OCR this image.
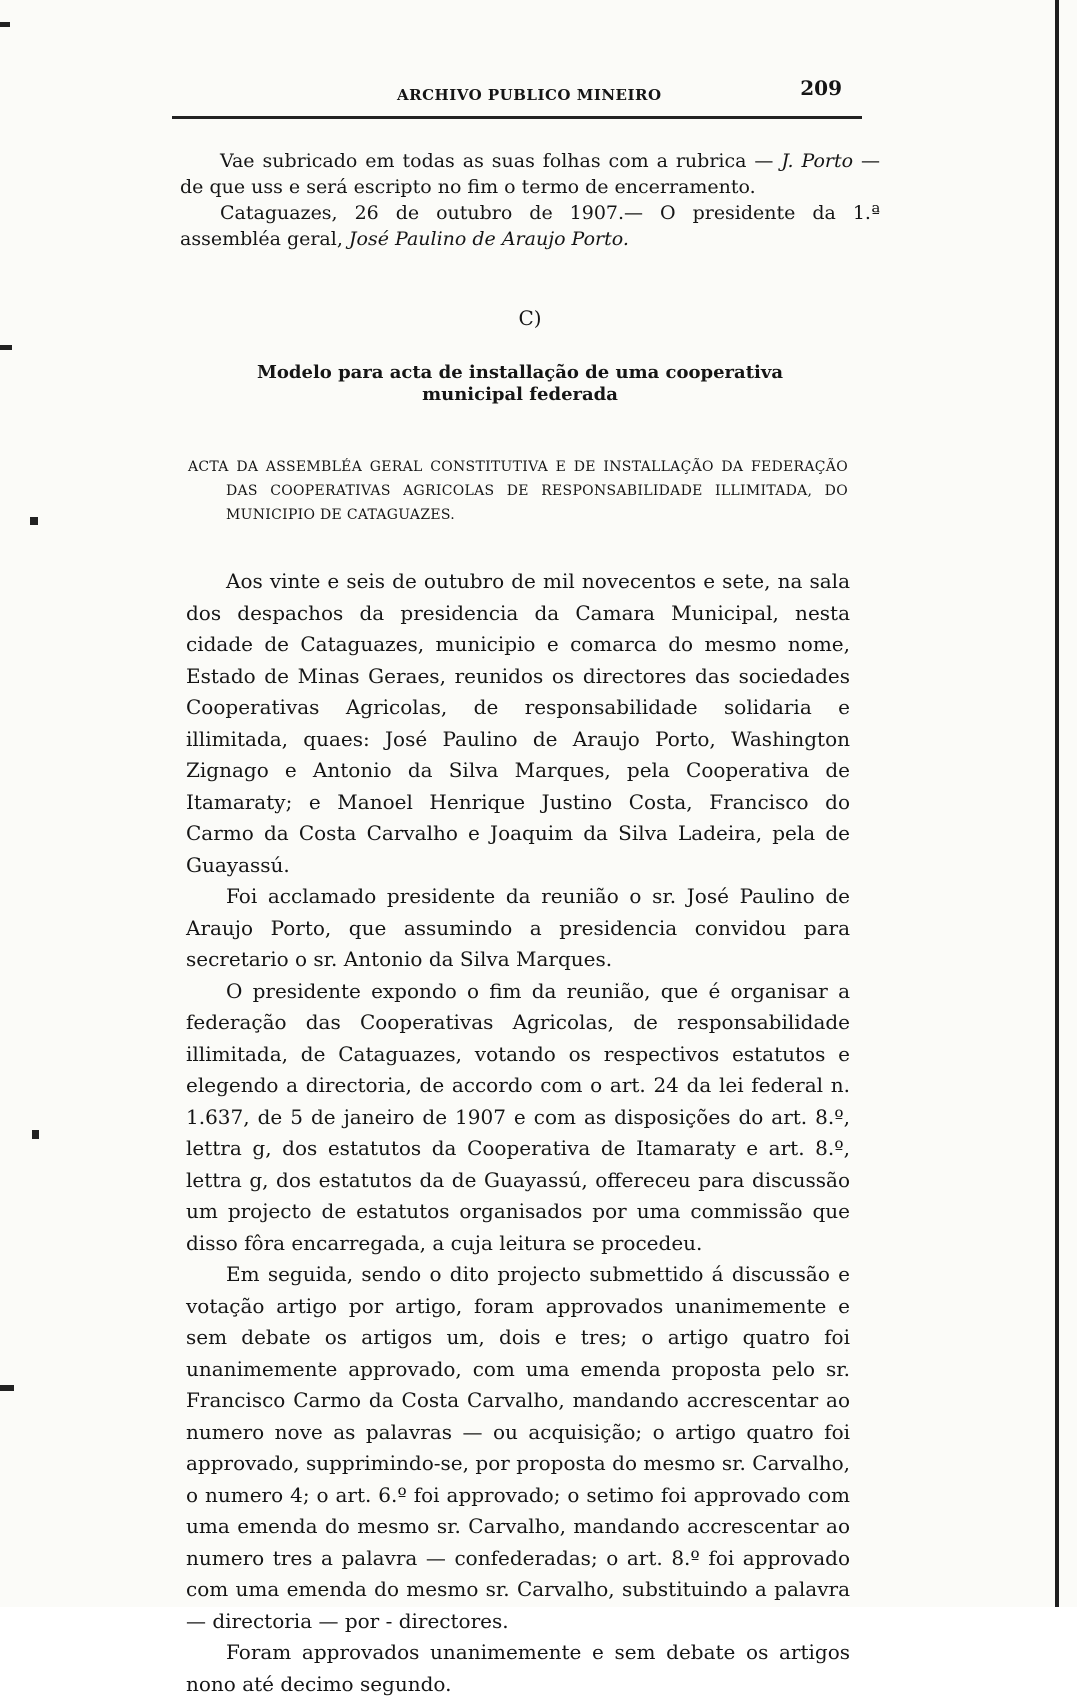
ARCHIVO PUBLICO MINEIRO	209

Vae subricado em todas as suas folhas com a rubrica — J. Porto — de que uss e será escripto no fim o termo de encerramento.

Cataguazes, 26 de outubro de 1907.— O presidente da 1.ª assembléa geral, José Paulino de Araujo Porto.

C)

Modelo para acta de installação de uma cooperativa municipal federada

ACTA DA ASSEMBLÉA GERAL CONSTITUTIVA E DE INSTALLAÇÃO DA FEDERAÇÃO DAS COOPERATIVAS AGRICOLAS DE RESPONSABILIDADE ILLIMITADA, DO MUNICIPIO DE CATAGUAZES.

Aos vinte e seis de outubro de mil novecentos e sete, na sala dos despachos da presidencia da Camara Municipal, nesta cidade de Cataguazes, municipio e comarca do mesmo nome, Estado de Minas Geraes, reunidos os directores das sociedades Cooperativas Agricolas, de responsabilidade solidaria e illimitada, quaes: José Paulino de Araujo Porto, Washington Zignago e Antonio da Silva Marques, pela Cooperativa de Itamaraty; e Manoel Henrique Justino Costa, Francisco do Carmo da Costa Carvalho e Joaquim da Silva Ladeira, pela de Guayassú.

Foi acclamado presidente da reunião o sr. José Paulino de Araujo Porto, que assumindo a presidencia convidou para secretario o sr. Antonio da Silva Marques.

O presidente expondo o fim da reunião, que é organisar a federação das Cooperativas Agricolas, de responsabilidade illimitada, de Cataguazes, votando os respectivos estatutos e elegendo a directoria, de accordo com o art. 24 da lei federal n. 1.637, de 5 de janeiro de 1907 e com as disposições do art. 8.º, lettra g, dos estatutos da Cooperativa de Itamaraty e art. 8.º, lettra g, dos estatutos da de Guayassú, offereceu para discussão um projecto de estatutos organisados por uma commissão que disso fôra encarregada, a cuja leitura se procedeu.

Em seguida, sendo o dito projecto submettido á discussão e votação artigo por artigo, foram approvados unanimemente e sem debate os artigos um, dois e tres; o artigo quatro foi unanimemente approvado, com uma emenda proposta pelo sr. Francisco Carmo da Costa Carvalho, mandando accrescentar ao numero nove as palavras — ou acquisição; o artigo quatro foi approvado, supprimindo-se, por proposta do mesmo sr. Carvalho, o numero 4; o art. 6.º foi approvado; o setimo foi approvado com uma emenda do mesmo sr. Carvalho, mandando accrescentar ao numero tres a palavra — confederadas; o art. 8.º foi approvado com uma emenda do mesmo sr. Carvalho, substituindo a palavra — directoria — por - directores.

Foram approvados unanimemente e sem debate os artigos nono até decimo segundo.
